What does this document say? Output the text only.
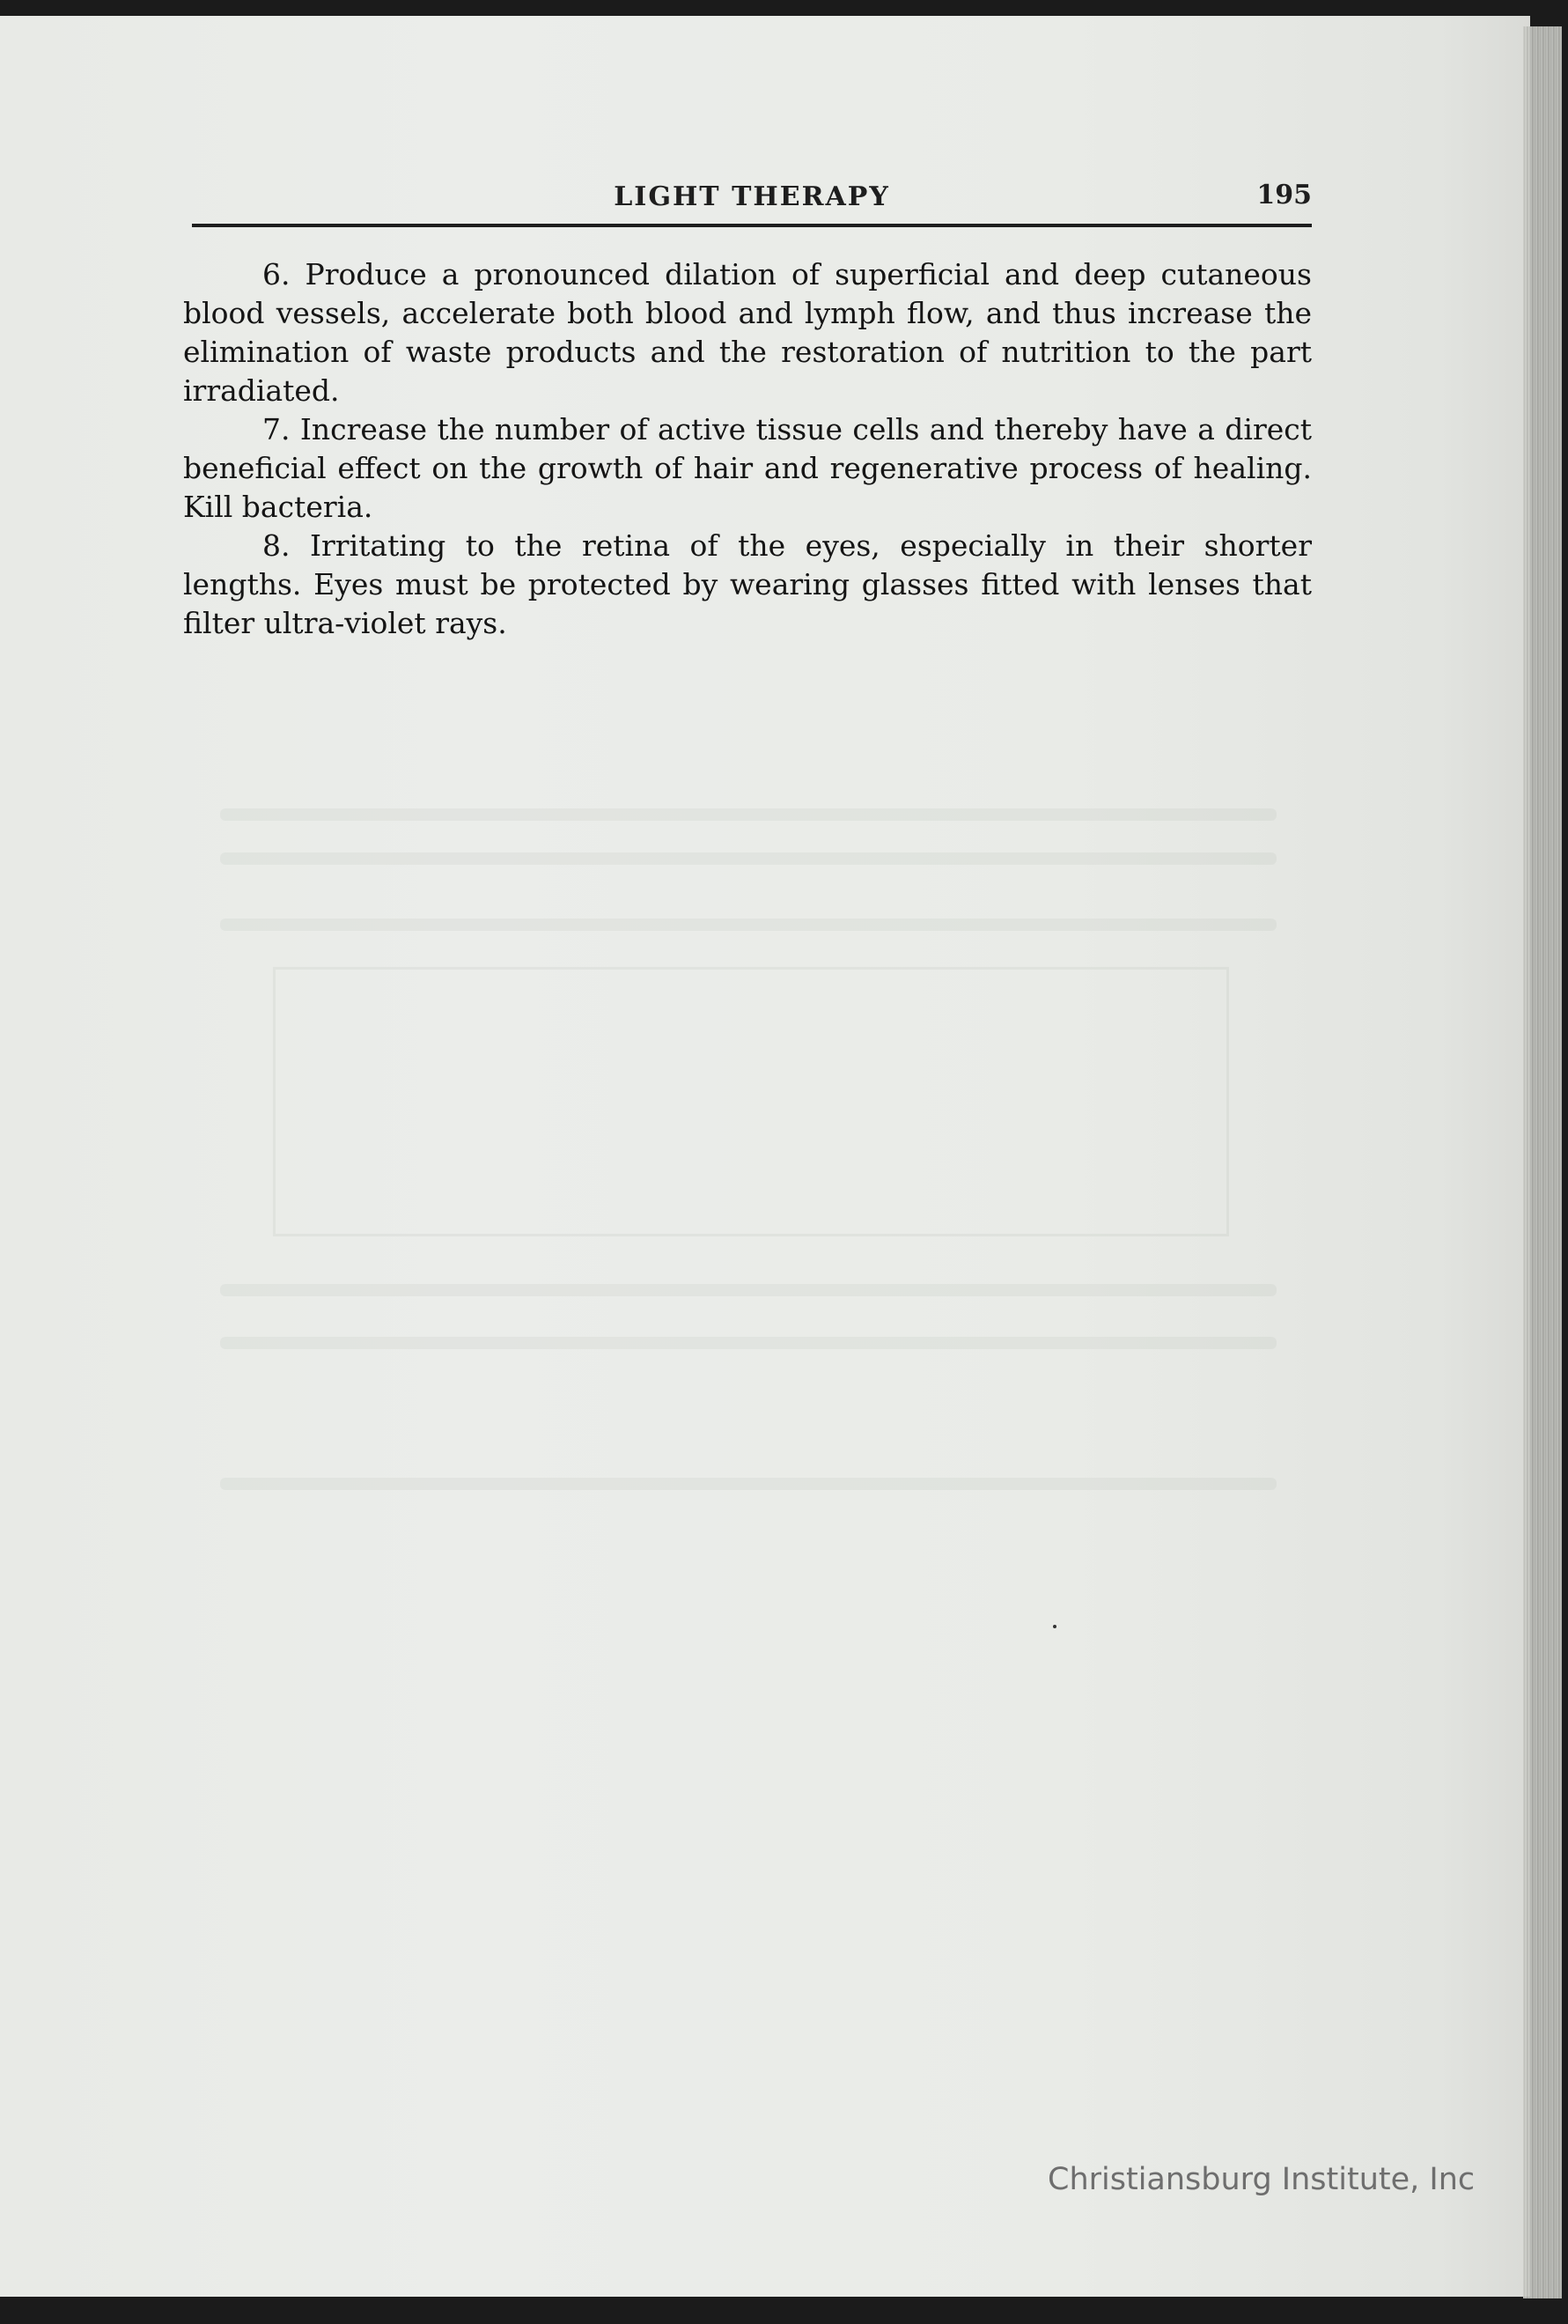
LIGHT THERAPY	195

6. Produce a pronounced dilation of superficial and deep cutaneous blood vessels, accelerate both blood and lymph flow, and thus increase the elimination of waste products and the restoration of nutrition to the part irradiated.

7. Increase the number of active tissue cells and thereby have a direct beneficial effect on the growth of hair and regenerative process of healing. Kill bacteria.

8. Irritating to the retina of the eyes, especially in their shorter lengths. Eyes must be protected by wearing glasses fitted with lenses that filter ultra-violet rays.

Christiansburg Institute, Inc
